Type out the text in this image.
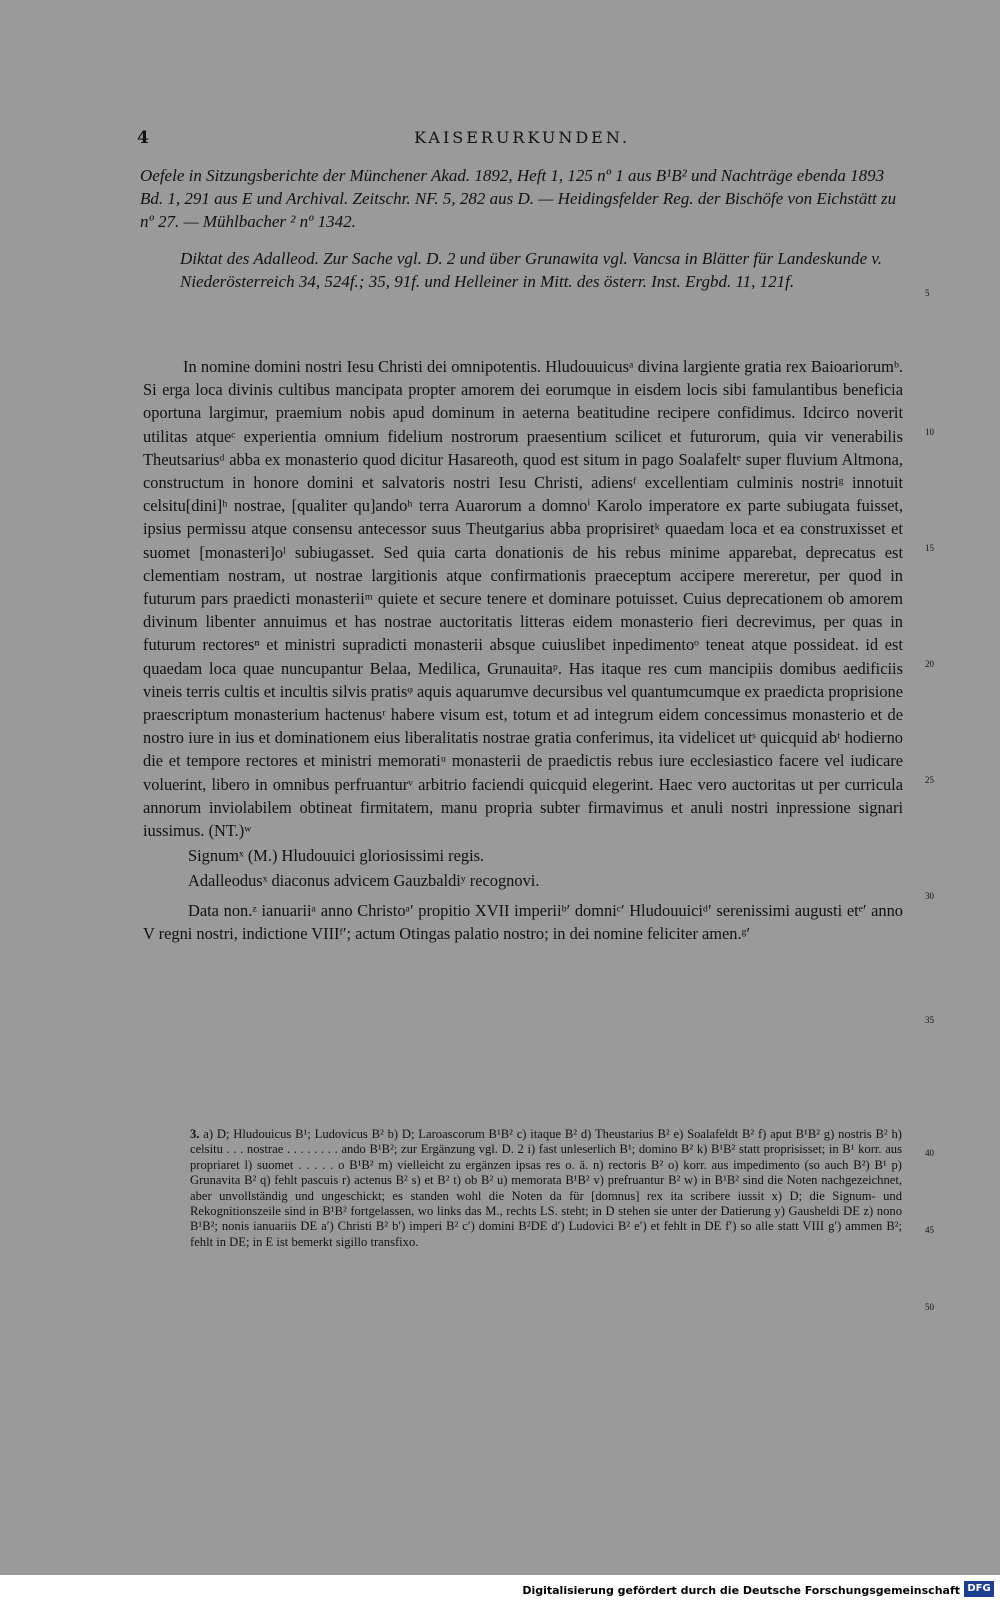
4	KAISERURKUNDEN.

Oefele in Sitzungsberichte der Münchener Akad. 1892, Heft 1, 125 nº 1 aus B¹B² und Nachträge ebenda 1893 Bd. 1, 291 aus E und Archival. Zeitschr. NF. 5, 282 aus D. — Heidingsfelder Reg. der Bischöfe von Eichstätt zu nº 27. — Mühlbacher ² nº 1342.

Diktat des Adalleod. Zur Sache vgl. D. 2 und über Grunawita vgl. Vancsa in Blätter für Landeskunde v. Niederösterreich 34, 524f.; 35, 91f. und Helleiner in Mitt. des österr. Inst. Ergbd. 11, 121f.

In nomine domini nostri Iesu Christi dei omnipotentis. Hludouuicusᵃ divina largiente gratia rex Baioariorumᵇ. Si erga loca divinis cultibus mancipata propter amorem dei eorumque in eisdem locis sibi famulantibus beneficia oportuna largimur, praemium nobis apud dominum in aeterna beatitudine recipere confidimus. Idcirco noverit utilitas atqueᶜ experientia omnium fidelium nostrorum praesentium scilicet et futurorum, quia vir venerabilis Theutsariusᵈ abba ex monasterio quod dicitur Hasareoth, quod est situm in pago Soalafeltᵉ super fluvium Altmona, constructum in honore domini et salvatoris nostri Iesu Christi, adiensᶠ excellentiam culminis nostriᵍ innotuit celsitu[dini]ʰ nostrae, [qualiter qu]andoʰ terra Auarorum a domnoⁱ Karolo imperatore ex parte subiugata fuisset, ipsius permissu atque consensu antecessor suus Theutgarius abba proprisiretᵏ quaedam loca et ea construxisset et suomet [monasteri]oˡ subiugasset. Sed quia carta donationis de his rebus minime apparebat, deprecatus est clementiam nostram, ut nostrae largitionis atque confirmationis praeceptum accipere mereretur, per quod in futurum pars praedicti monasteriiᵐ quiete et secure tenere et dominare potuisset. Cuius deprecationem ob amorem divinum libenter annuimus et has nostrae auctoritatis litteras eidem monasterio fieri decrevimus, per quas in futurum rectoresⁿ et ministri supradicti monasterii absque cuiuslibet inpedimentoᵒ teneat atque possideat. id est quaedam loca quae nuncupantur Belaa, Medilica, Grunauitaᵖ. Has itaque res cum mancipiis domibus aedificiis vineis terris cultis et incultis silvis pratisᵠ aquis aquarumve decursibus vel quantumcumque ex praedicta proprisione praescriptum monasterium hactenusʳ habere visum est, totum et ad integrum eidem concessimus monasterio et de nostro iure in ius et dominationem eius liberalitatis nostrae gratia conferimus, ita videlicet utˢ quicquid abᵗ hodierno die et tempore rectores et ministri memoratiᵘ monasterii de praedictis rebus iure ecclesiastico facere vel iudicare voluerint, libero in omnibus perfruanturᵛ arbitrio faciendi quicquid elegerint. Haec vero auctoritas ut per curricula annorum inviolabilem obtineat firmitatem, manu propria subter firmavimus et anuli nostri inpressione signari iussimus. (NT.)ʷ

Signumˣ (M.) Hludouuici gloriosissimi regis.

Adalleodusˣ diaconus advicem Gauzbaldiʸ recognovi.

Data non.ᶻ ianuariiᵃ anno Christoᵃ′ propitio XVII imperiiᵇ′ domniᶜ′ Hludouuiciᵈ′ serenissimi augusti etᵉ′ anno V regni nostri, indictione VIIIᶠ′; actum Otingas palatio nostro; in dei nomine feliciter amen.ᵍ′

3. a) D; Hludouicus B¹; Ludovicus B² b) D; Laroascorum B¹B² c) itaque B² d) Theustarius B² e) Soalafeldt B² f) aput B¹B² g) nostris B² h) celsitu . . . nostrae . . . . . . . . ando B¹B²; zur Ergänzung vgl. D. 2 i) fast unleserlich B¹; domino B² k) B¹B² statt proprisisset; in B¹ korr. aus propriaret l) suomet . . . . . o B¹B² m) vielleicht zu ergänzen ipsas res o. ä. n) rectoris B² o) korr. aus impedimento (so auch B²) B¹ p) Grunavita B² q) fehlt pascuis r) actenus B² s) et B² t) ob B² u) memorata B¹B² v) prefruantur B² w) in B¹B² sind die Noten nachgezeichnet, aber unvollständig und ungeschickt; es standen wohl die Noten da für [domnus] rex ita scribere iussit x) D; die Signum- und Rekognitionszeile sind in B¹B² fortgelassen, wo links das M., rechts LS. steht; in D stehen sie unter der Datierung y) Gausheldi DE z) nono B¹B²; nonis ianuariis DE a′) Christi B² b′) imperi B² c′) domini B²DE d′) Ludovici B² e′) et fehlt in DE f′) so alle statt VIII g′) ammen B²; fehlt in DE; in E ist bemerkt sigillo transfixo.
5
10
15
20
25
30
35
40
45
50
Digitalisierung gefördert durch die Deutsche Forschungsgemeinschaft DFG
